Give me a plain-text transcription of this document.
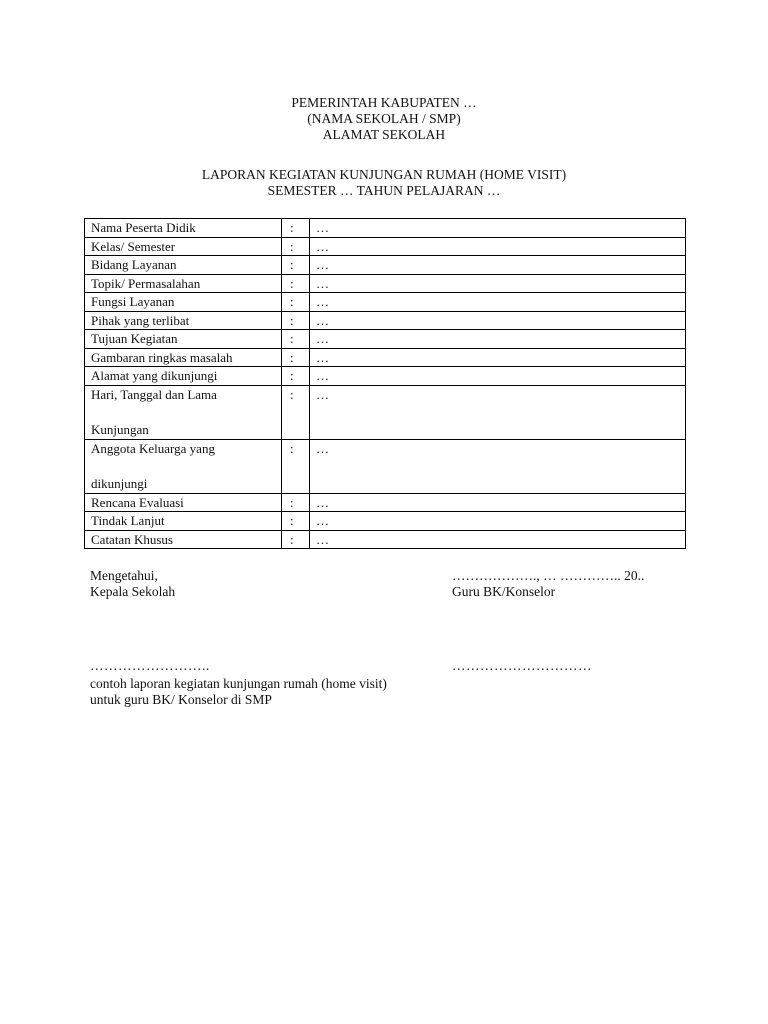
PEMERINTAH KABUPATEN …
(NAMA SEKOLAH / SMP)
ALAMAT SEKOLAH
LAPORAN KEGIATAN KUNJUNGAN RUMAH (HOME VISIT)
SEMESTER … TAHUN PELAJARAN …
Nama Peserta Didik	:	…

Kelas/ Semester	:	…

Bidang Layanan	:	…

Topik/ Permasalahan	:	…

Fungsi Layanan	:	…

Pihak yang terlibat	:	…

Tujuan Kegiatan	:	…

Gambaran ringkas masalah	:	…

Alamat yang dikunjungi	:	…

Hari, Tanggal dan Lama
Kunjungan	:	…

Anggota Keluarga yang
dikunjungi	:	…

Rencana Evaluasi	:	…

Tindak Lanjut	:	…

Catatan Khusus	:	…
Mengetahui,
Kepala Sekolah
………………., … ………….. 20..
Guru BK/Konselor
……………………..	…………………………
contoh laporan kegiatan kunjungan rumah (home visit)
untuk guru BK/ Konselor di SMP
